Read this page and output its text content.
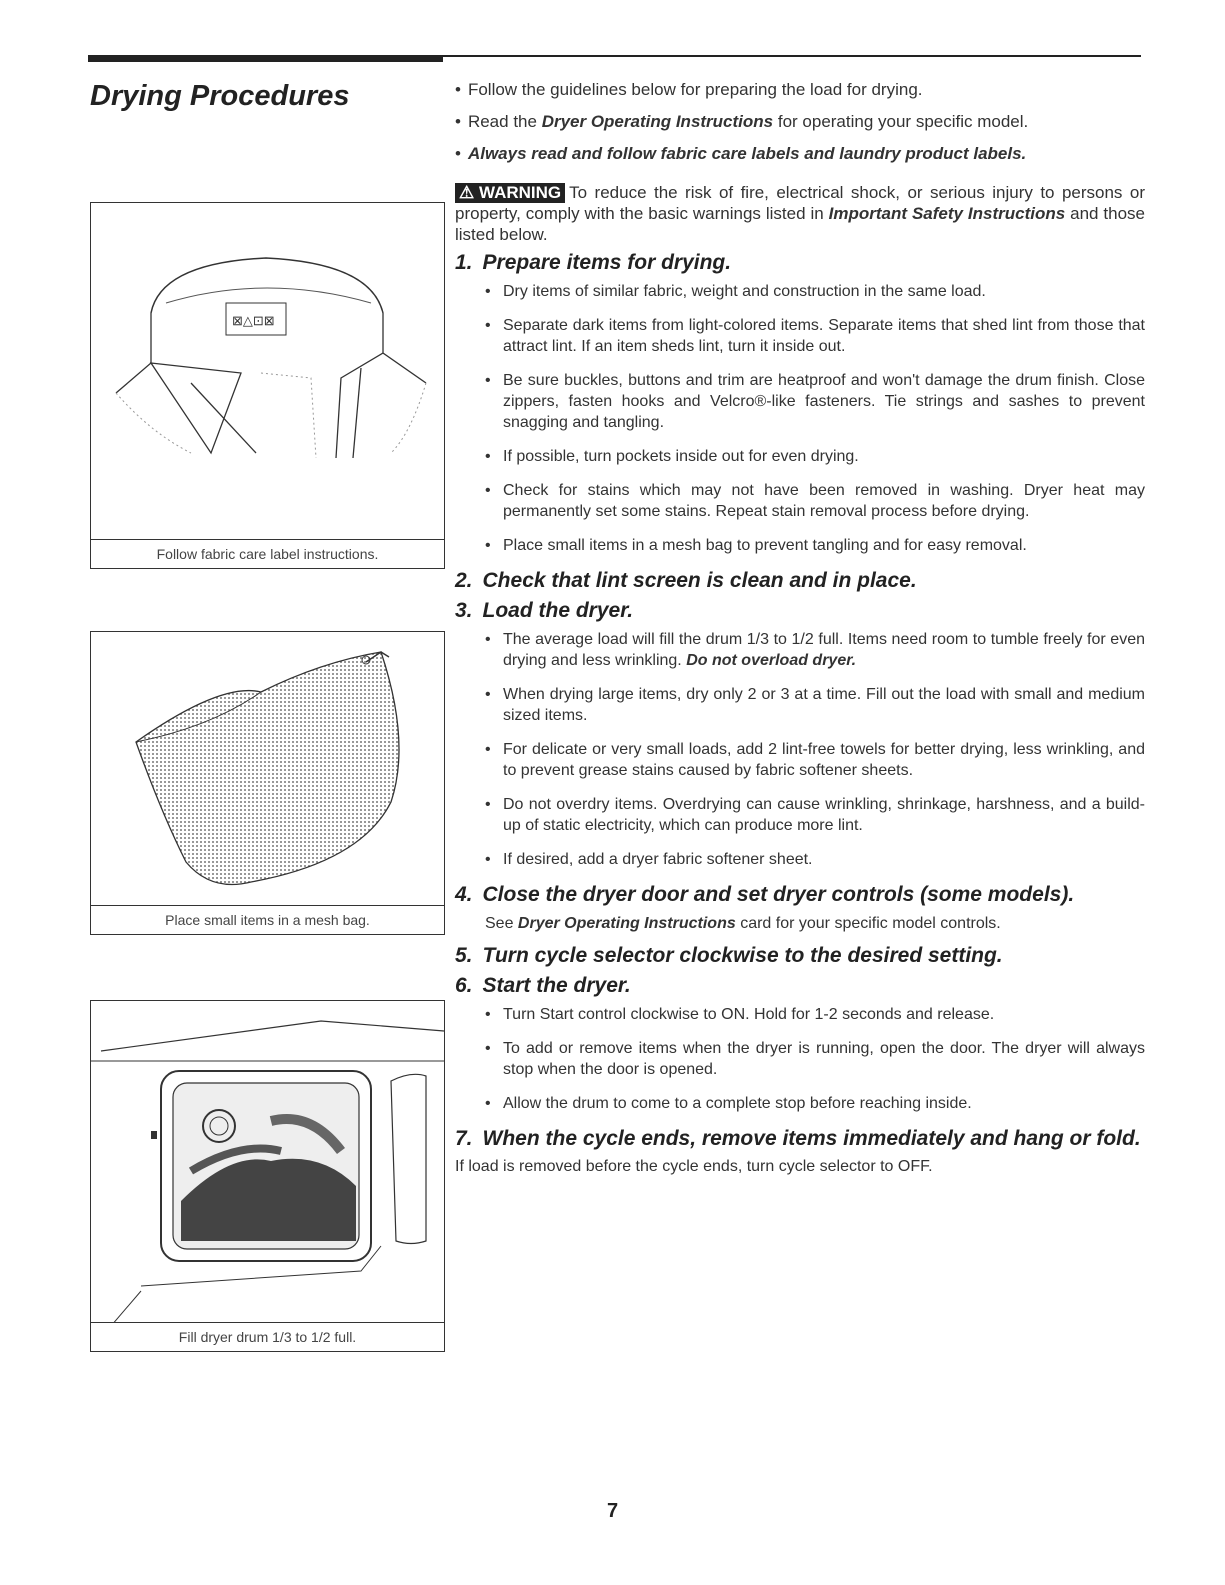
Drying Procedures
⊠△⊡⊠
Follow fabric care label instructions.
Place small items in a mesh bag.
Fill dryer drum 1/3 to 1/2 full.
• Follow the guidelines below for preparing the load for drying.
• Read the Dryer Operating Instructions for operating your specific model.
• Always read and follow fabric care labels and laundry product labels.
⚠ WARNING To reduce the risk of fire, electrical shock, or serious injury to persons or property, comply with the basic warnings listed in Important Safety Instructions and those listed below.
1. Prepare items for drying.
• Dry items of similar fabric, weight and construction in the same load.
• Separate dark items from light-colored items. Separate items that shed lint from those that attract lint. If an item sheds lint, turn it inside out.
• Be sure buckles, buttons and trim are heatproof and won't damage the drum finish. Close zippers, fasten hooks and Velcro®-like fasteners. Tie strings and sashes to prevent snagging and tangling.
• If possible, turn pockets inside out for even drying.
• Check for stains which may not have been removed in washing. Dryer heat may permanently set some stains. Repeat stain removal process before drying.
• Place small items in a mesh bag to prevent tangling and for easy removal.
2. Check that lint screen is clean and in place.
3. Load the dryer.
• The average load will fill the drum 1/3 to 1/2 full. Items need room to tumble freely for even drying and less wrinkling. Do not overload dryer.
• When drying large items, dry only 2 or 3 at a time. Fill out the load with small and medium sized items.
• For delicate or very small loads, add 2 lint-free towels for better drying, less wrinkling, and to prevent grease stains caused by fabric softener sheets.
• Do not overdry items. Overdrying can cause wrinkling, shrinkage, harshness, and a build-up of static electricity, which can produce more lint.
• If desired, add a dryer fabric softener sheet.
4. Close the dryer door and set dryer controls (some models).
See Dryer Operating Instructions card for your specific model controls.
5. Turn cycle selector clockwise to the desired setting.
6. Start the dryer.
• Turn Start control clockwise to ON. Hold for 1-2 seconds and release.
• To add or remove items when the dryer is running, open the door. The dryer will always stop when the door is opened.
• Allow the drum to come to a complete stop before reaching inside.
7. When the cycle ends, remove items immediately and hang or fold. If load is removed before the cycle ends, turn cycle selector to OFF.
7
